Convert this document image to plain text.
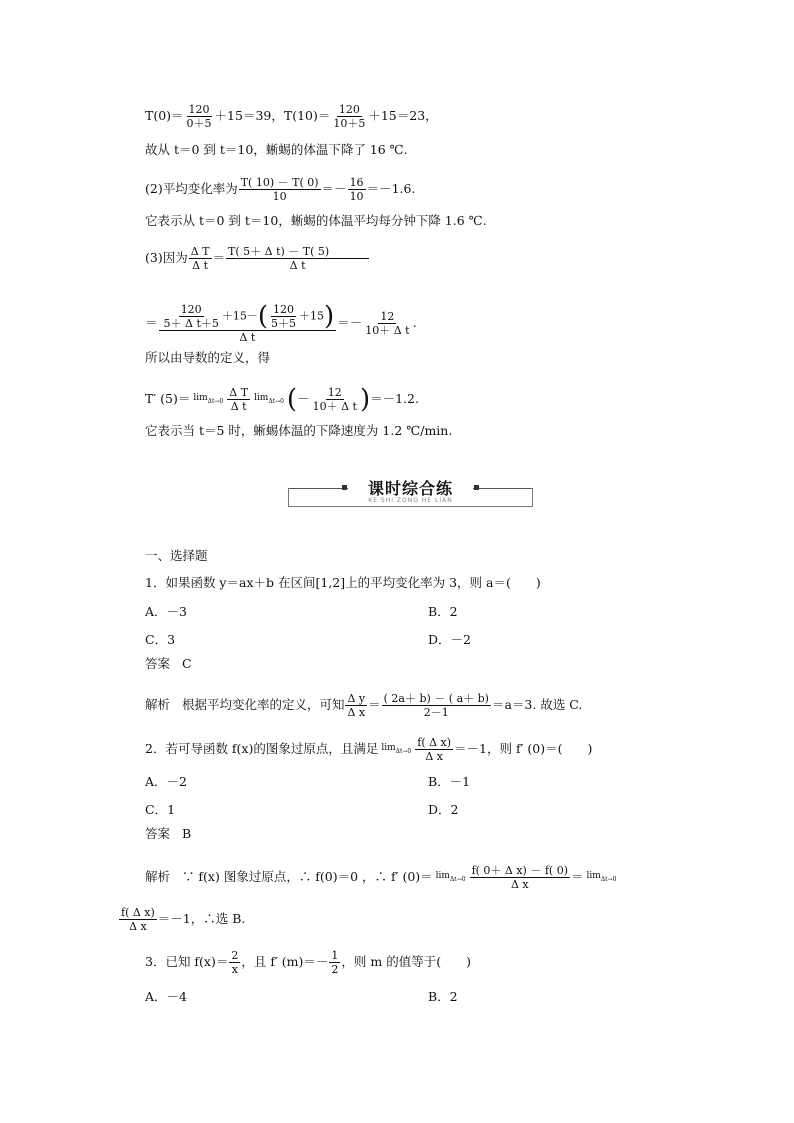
$T(0)= \frac{120}{0+5} +15=39$，$T(10)= \frac{120}{10+5} +15=23$，
故从 t＝0 到 t＝10，蜥蜴的体温下降了 16 ℃.
(2)平均变化率为 $\frac{T( 10) - T( 0)}{10} =- \frac{16}{10} =-1.6$.
它表示从 t＝0 到 t＝10，蜥蜴的体温平均每分钟下降 1.6 ℃.
(3)因为 $\frac{\text{Δ T}}{\text{Δ t}} = \frac{\text{T( 5＋ Δ t) － T( 5)}}{\text{Δ t}}$
＝ $\frac{\frac{120}{\text{5＋ Δ t＋5}} +15-( \frac{120}{5+5} +15)}{\text{Δ t}} =- \frac{12}{\text{10＋ Δ t}}$ .
所以由导数的定义，得
T′ $(5)= \lim_{\Delta t\to 0} \frac{\text{Δ T}}{\text{Δ t}} \lim_{\Delta t\to 0}$ (－ $\frac{12}{\text{10＋ Δ t}} )=-1.2$.
它表示当 t＝5 时，蜥蜴体温的下降速度为 1.2 ℃/min.
课时综合练
KE SHI ZONG HE LIAN
一、选择题
1．如果函数 y＝ax＋b 在区间[1,2]上的平均变化率为 3，则 a＝(　　)
A．－3	B．2
C．3	D．－2
答案 C
解析 根据平均变化率的定义，可知 $\frac{\text{Δ y}}{\text{Δ x}} = \frac{( 2a+ b) - ( a+ b)}{2-1} =a=3$. 故选 C.
2．若可导函数 f(x)的图象过原点，且满足 $\lim_{\Delta t\to 0} \frac{\text{f( Δ x)}}{\text{Δ x}} =-1$，则 f′ (0)＝(　　)
A．－2	B．－1
C．1	D．2
答案 B
解析 ∵ f(x) 图象过原点，∴ f(0)＝0 ，∴ f′ $(0)= \lim_{\Delta t\to 0} \frac{\text{f( 0＋ Δ x) － f( 0)}}{\text{Δ x}} = \lim_{\Delta t\to 0}$
$\frac{\text{f( Δ x)}}{\text{Δ x}} =-1$，∴选 B.
3．已知 $f(x)= \frac{2}{x}$ ，且 f′ $(m)=- \frac{1}{2}$ ，则 m 的值等于(　　)
A．－4	B．2
